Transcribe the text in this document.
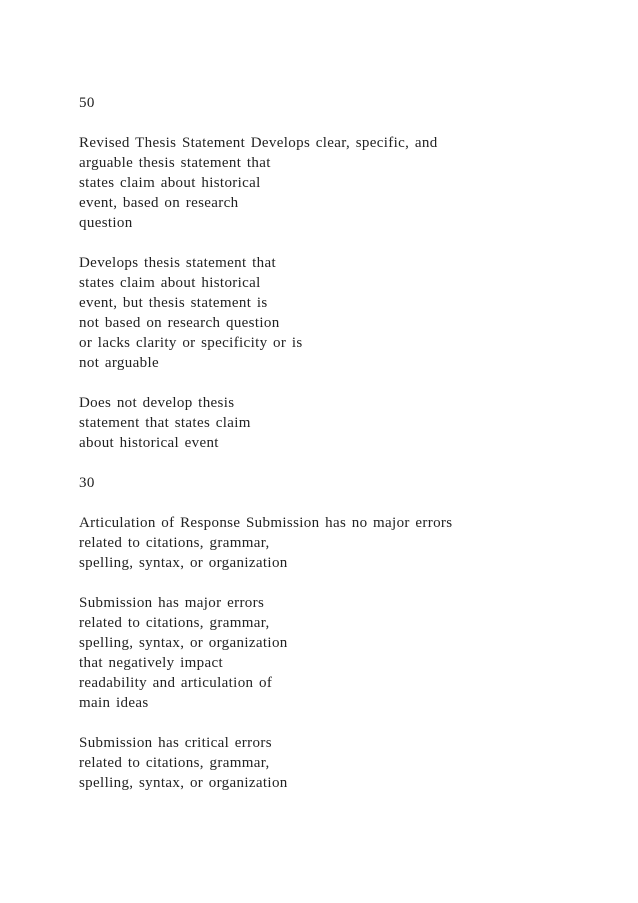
50
Revised Thesis Statement Develops clear, specific, and
arguable thesis statement that
states claim about historical
event, based on research
question
Develops thesis statement that
states claim about historical
event, but thesis statement is
not based on research question
or lacks clarity or specificity or is
not arguable
Does not develop thesis
statement that states claim
about historical event
30
Articulation of Response Submission has no major errors
related to citations, grammar,
spelling, syntax, or organization
Submission has major errors
related to citations, grammar,
spelling, syntax, or organization
that negatively impact
readability and articulation of
main ideas
Submission has critical errors
related to citations, grammar,
spelling, syntax, or organization
